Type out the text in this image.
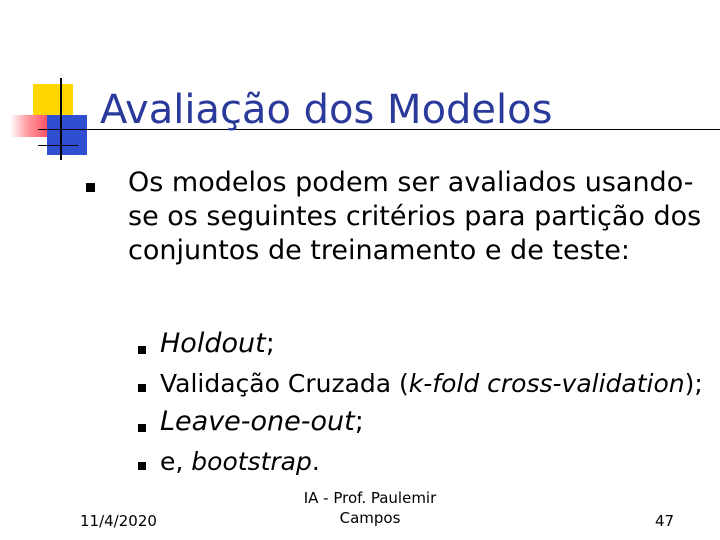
Avaliação dos Modelos
Os modelos podem ser avaliados usando-se os seguintes critérios para partição dos conjuntos de treinamento e de teste:
Holdout;
Validação Cruzada (k-fold cross-validation);
Leave-one-out;
e, bootstrap.
11/4/2020
IA - Prof. Paulemir
Campos	47
